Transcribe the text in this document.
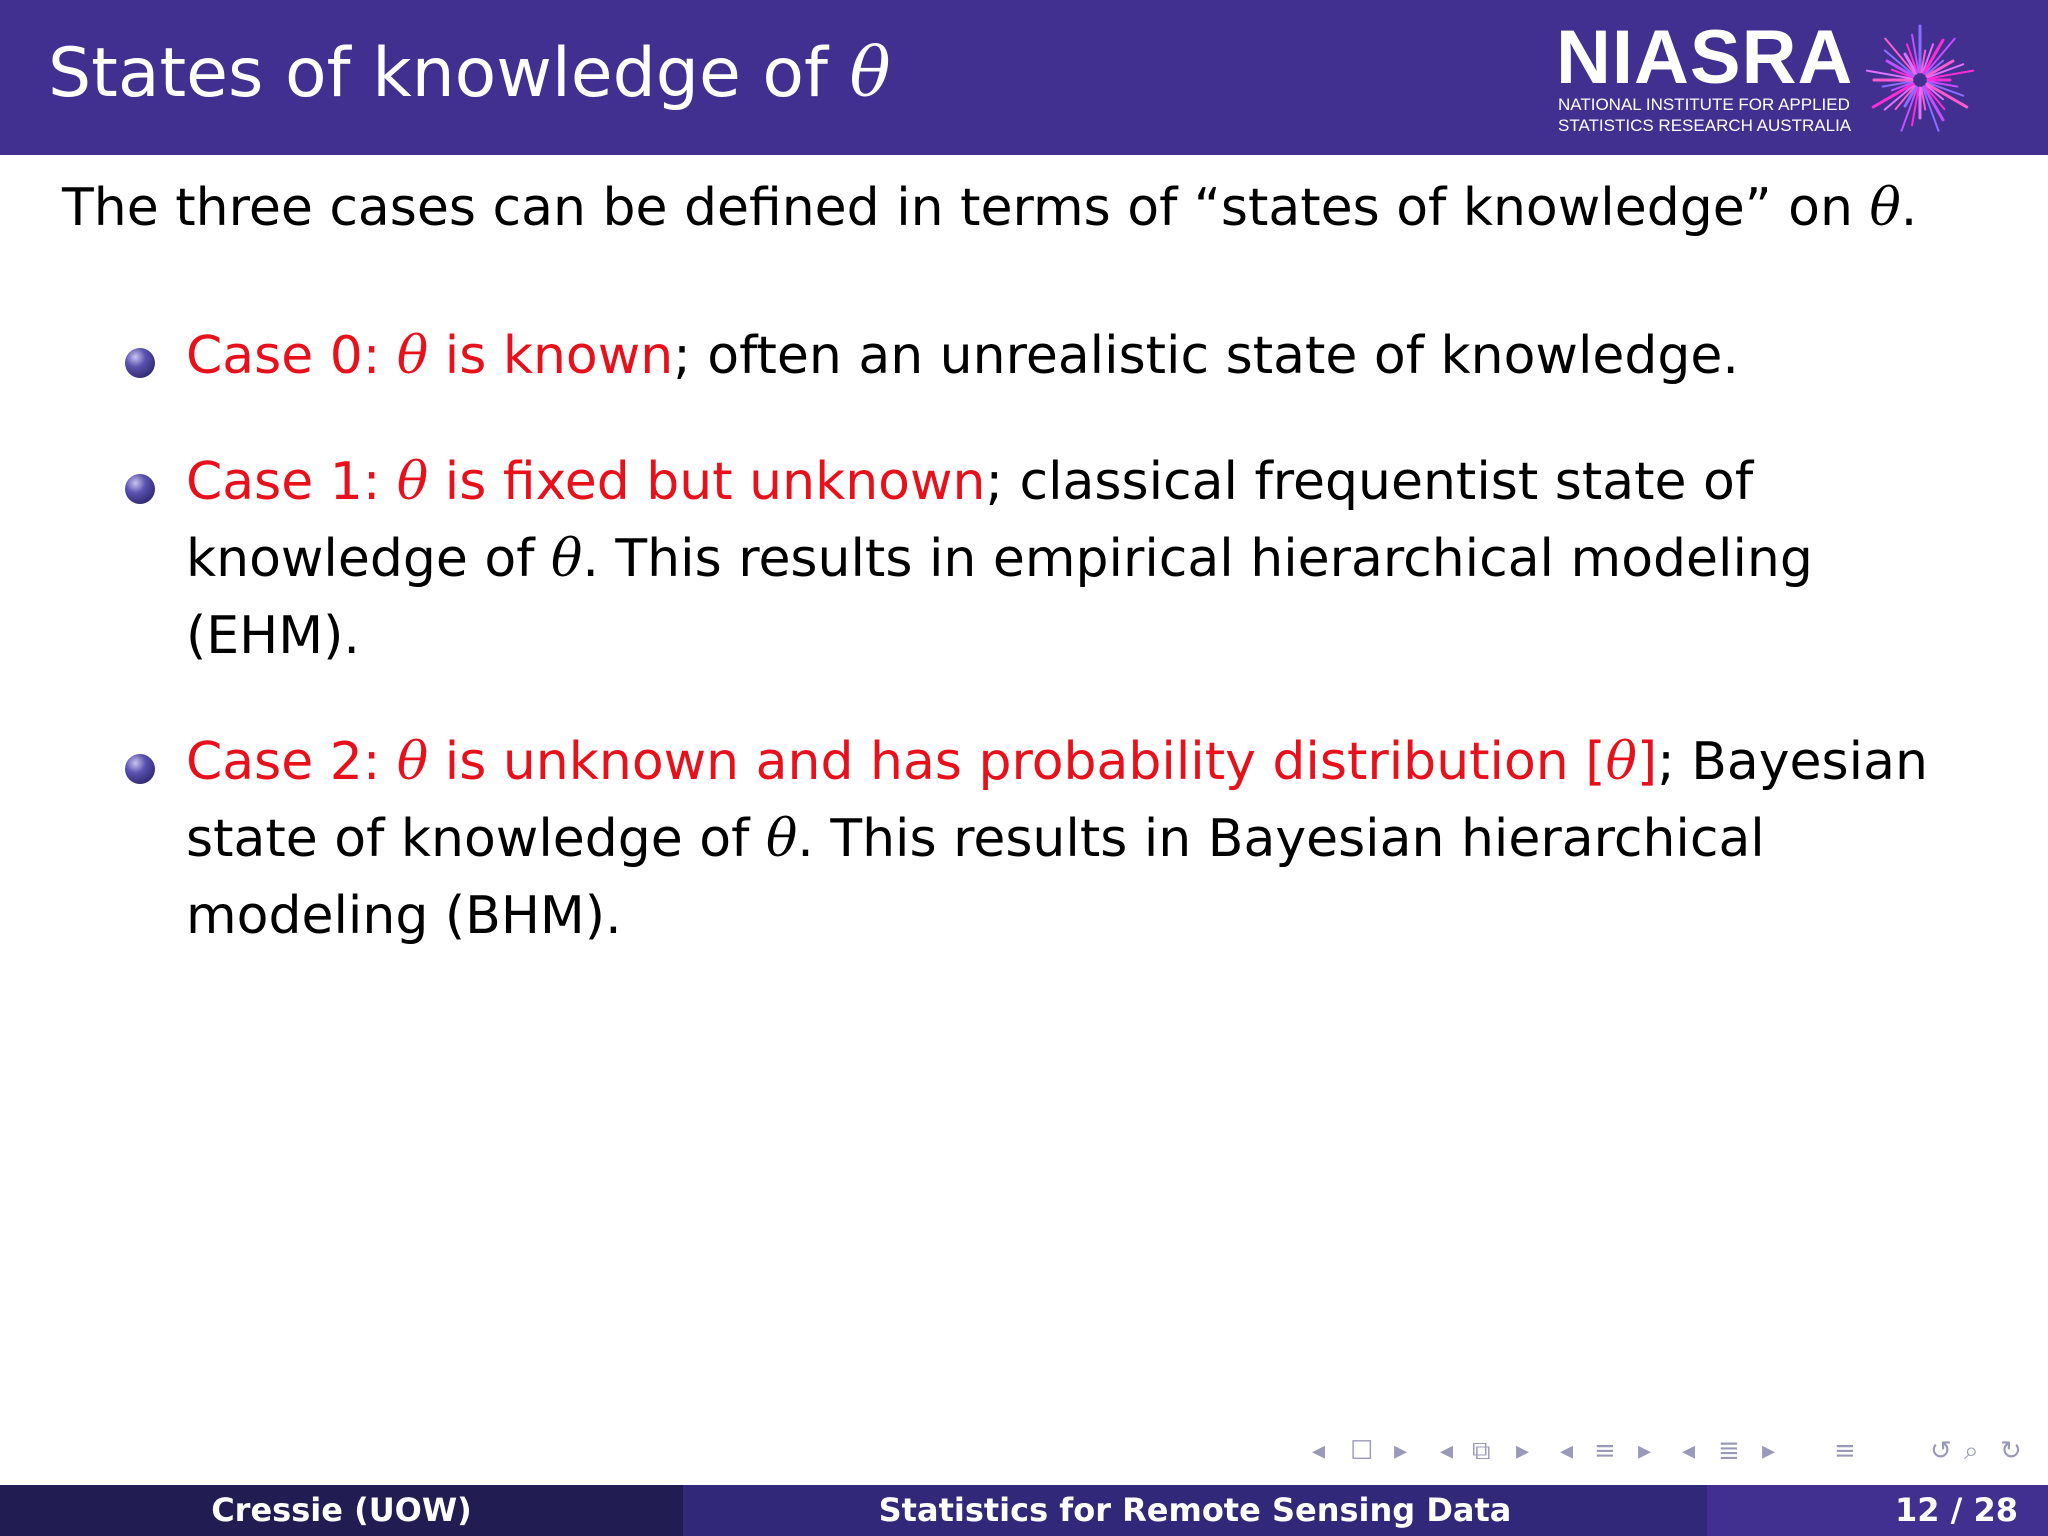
States of knowledge of θ	NIASRA
NATIONAL INSTITUTE FOR APPLIED
STATISTICS RESEARCH AUSTRALIA
The three cases can be defined in terms of “states of knowledge” on θ.
Case 0: θ is known; often an unrealistic state of knowledge.
Case 1: θ is fixed but unknown; classical frequentist state of
knowledge of θ. This results in empirical hierarchical modeling
(EHM).
Case 2: θ is unknown and has probability distribution [θ]; Bayesian
state of knowledge of θ. This results in Bayesian hierarchical
modeling (BHM).
◂ ☐ ▸ ◂ ⧉ ▸ ◂ ≡ ▸ ◂ ≣ ▸ ≡	↺ ⌕ ↻
Cressie (UOW)	Statistics for Remote Sensing Data	12 / 28
